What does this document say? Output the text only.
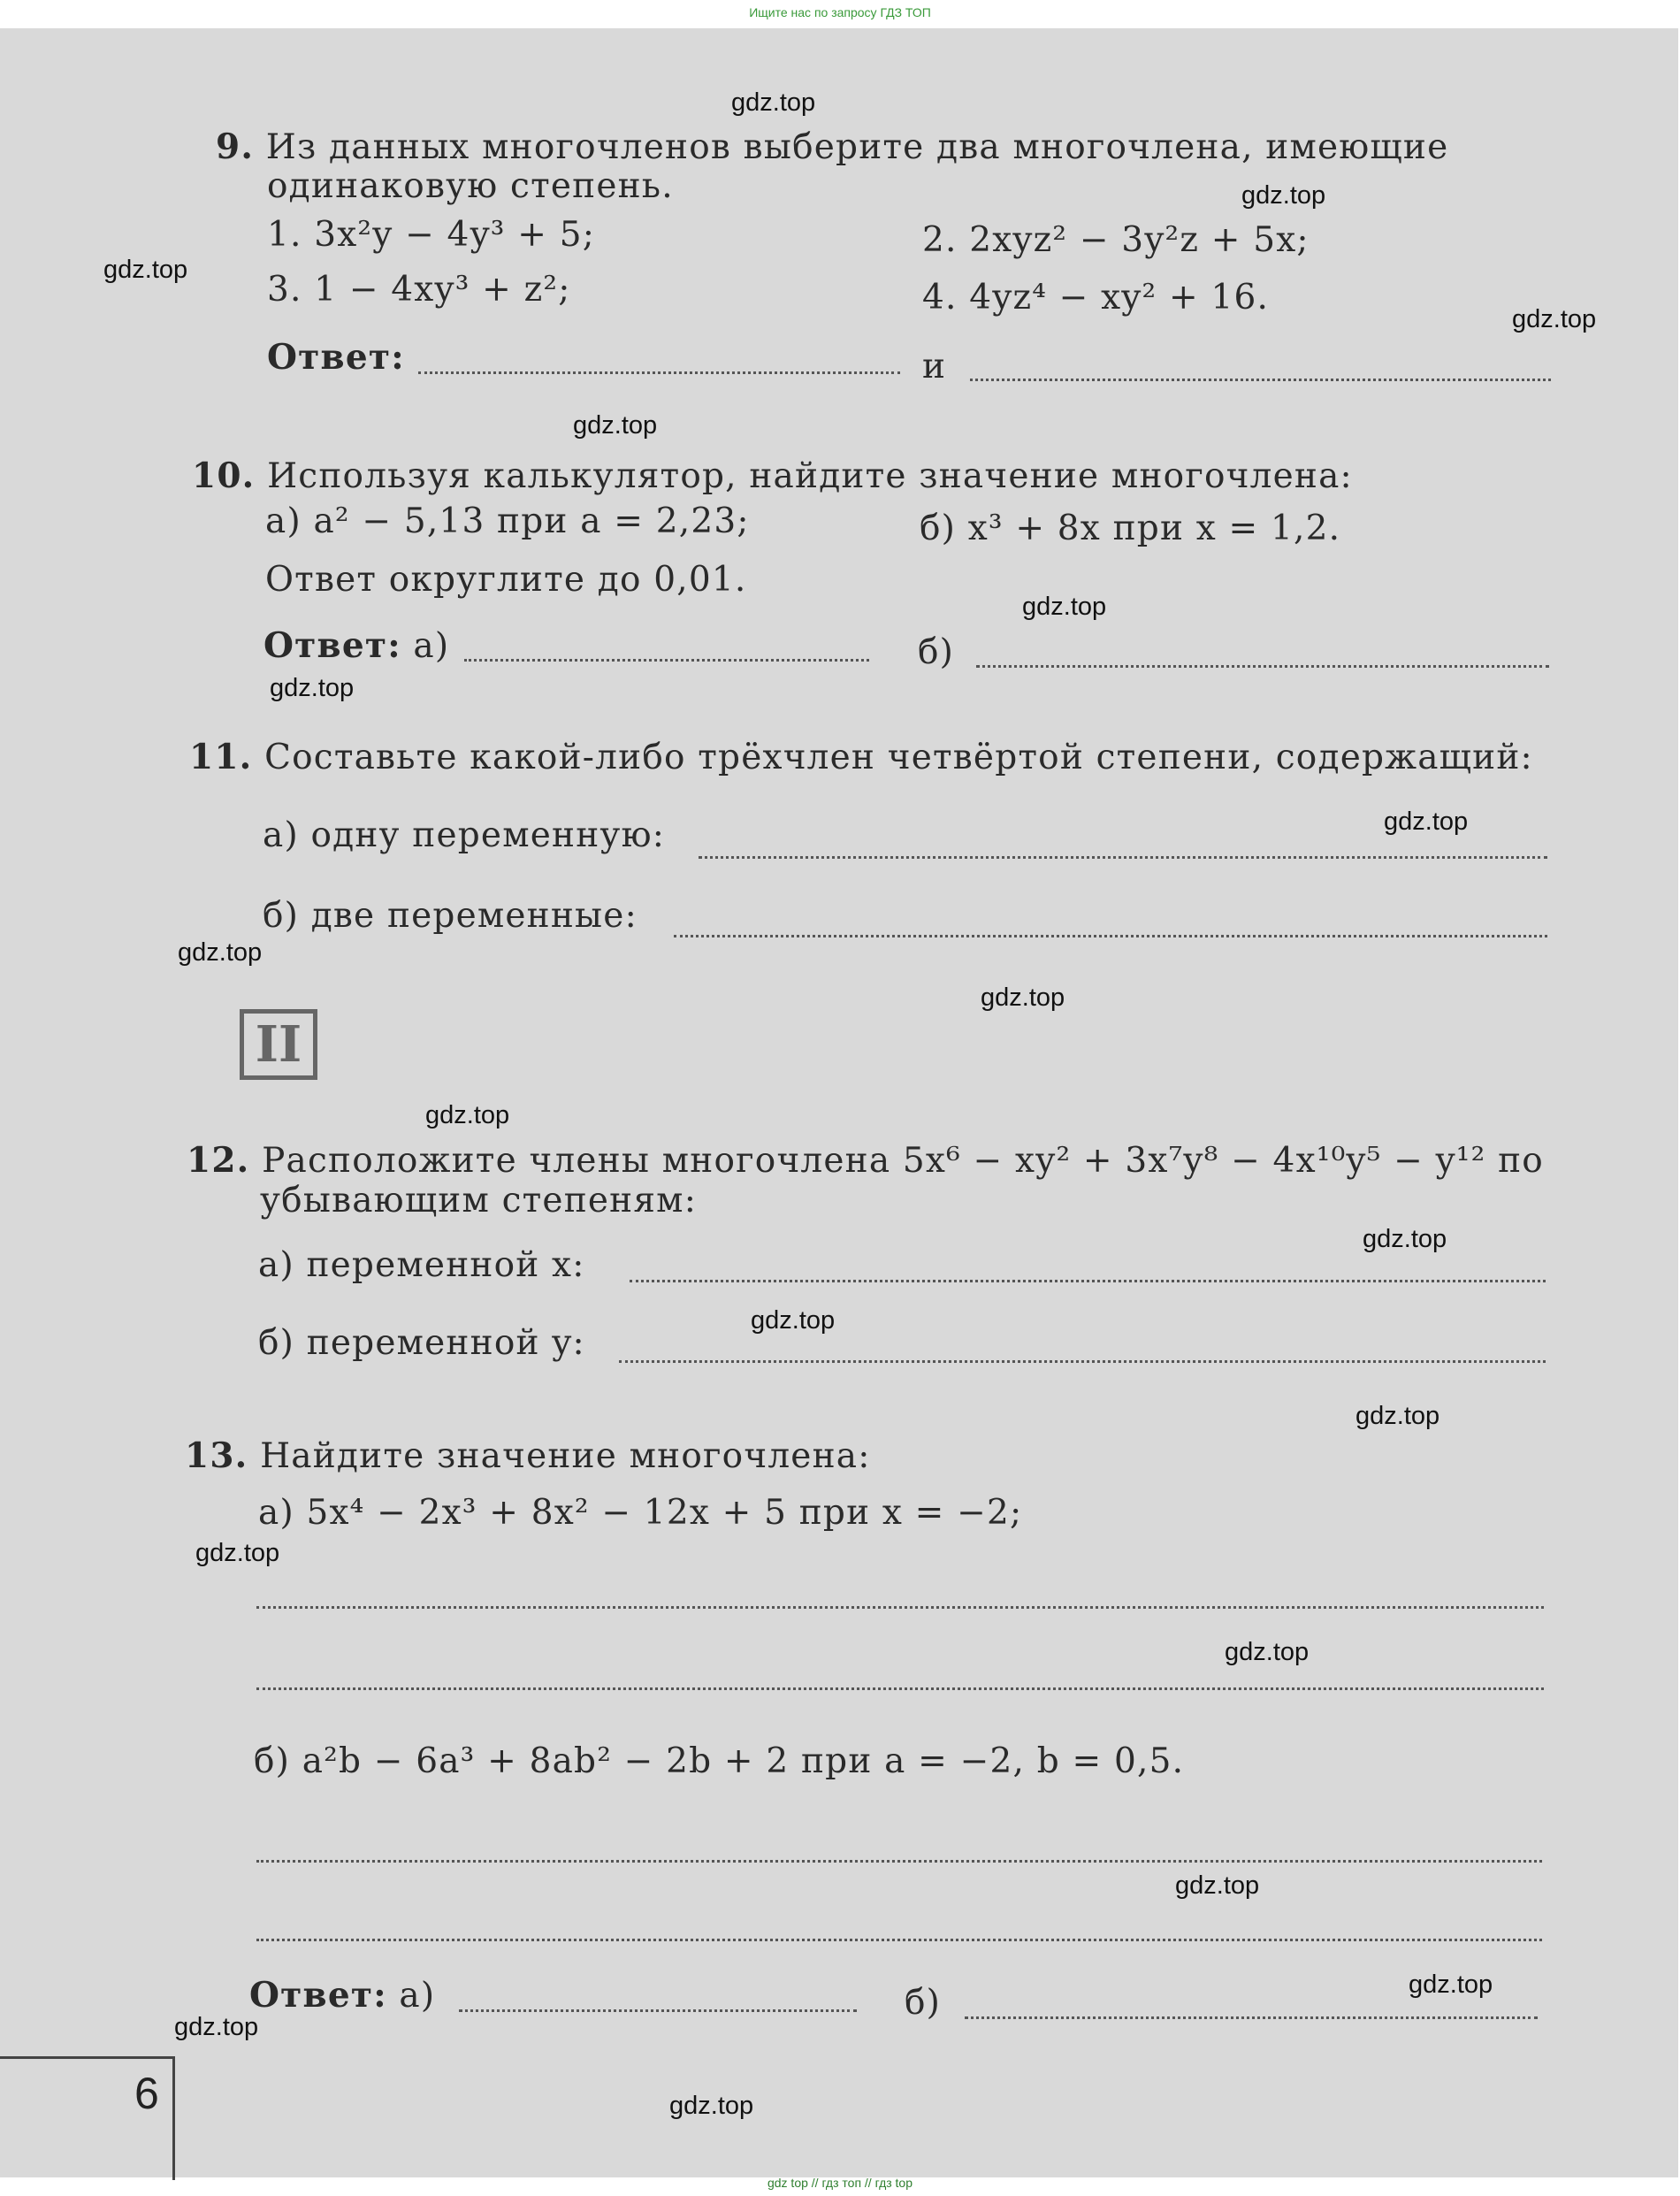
Ищите нас по запросу ГДЗ ТОП
9. Из данных многочленов выберите два многочлена, имеющие
одинаковую степень.
1. 3x²y − 4y³ + 5;	2. 2xyz² − 3y²z + 5x;
3. 1 − 4xy³ + z²;	4. 4yz⁴ − xy² + 16.
Ответ:	и
10. Используя калькулятор, найдите значение многочлена:
а) a² − 5,13 при a = 2,23;	б) x³ + 8x при x = 1,2.
Ответ округлите до 0,01.
Ответ: а)	б)
11. Составьте какой-либо трёхчлен четвёртой степени, содержащий:
а) одну переменную:
б) две переменные:
II
12. Расположите члены многочлена 5x⁶ − xy² + 3x⁷y⁸ − 4x¹⁰y⁵ − y¹² по
убывающим степеням:
а) переменной x:
б) переменной y:
13. Найдите значение многочлена:
а) 5x⁴ − 2x³ + 8x² − 12x + 5 при x = −2;
б) a²b − 6a³ + 8ab² − 2b + 2 при a = −2, b = 0,5.
Ответ: а)	б)
6
gdz.top
gdz.top
gdz.top
gdz.top
gdz.top
gdz.top
gdz.top
gdz.top
gdz.top
gdz.top
gdz.top
gdz.top
gdz.top
gdz.top
gdz.top
gdz.top
gdz.top
gdz.top
gdz.top
gdz.top
gdz top // гдз топ // гдз top
